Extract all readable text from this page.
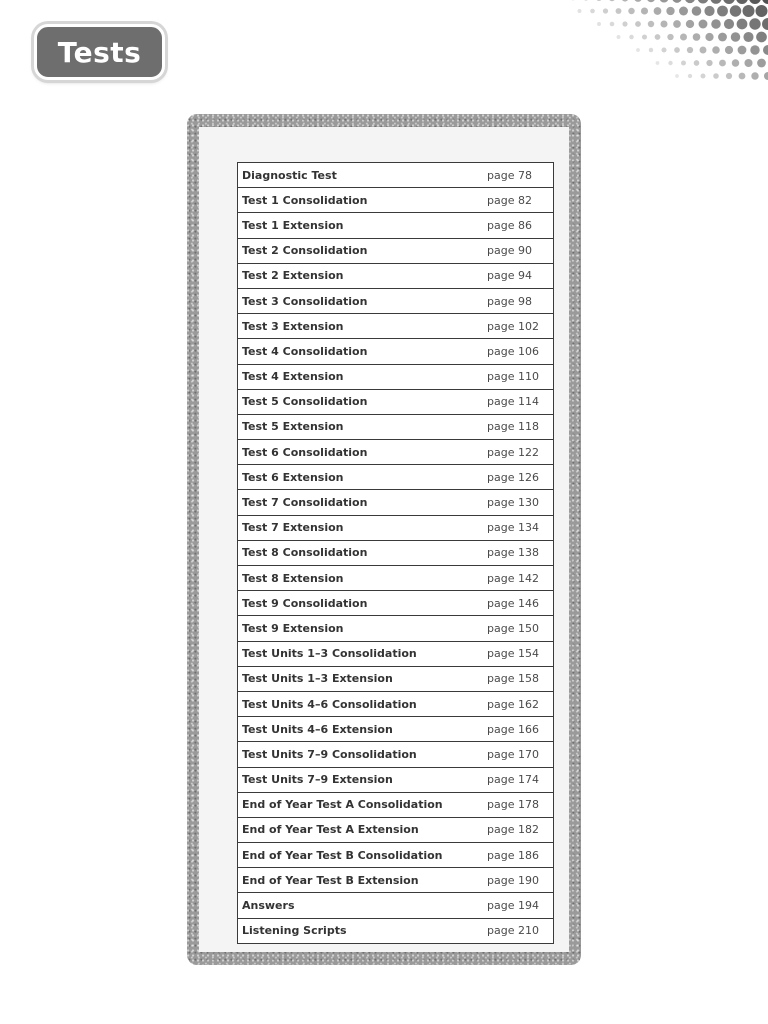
Tests
Diagnostic Test	page 78
Test 1 Consolidation	page 82
Test 1 Extension	page 86
Test 2 Consolidation	page 90
Test 2 Extension	page 94
Test 3 Consolidation	page 98
Test 3 Extension	page 102
Test 4 Consolidation	page 106
Test 4 Extension	page 110
Test 5 Consolidation	page 114
Test 5 Extension	page 118
Test 6 Consolidation	page 122
Test 6 Extension	page 126
Test 7 Consolidation	page 130
Test 7 Extension	page 134
Test 8 Consolidation	page 138
Test 8 Extension	page 142
Test 9 Consolidation	page 146
Test 9 Extension	page 150
Test Units 1–3 Consolidation	page 154
Test Units 1–3 Extension	page 158
Test Units 4–6 Consolidation	page 162
Test Units 4–6 Extension	page 166
Test Units 7–9 Consolidation	page 170
Test Units 7–9 Extension	page 174
End of Year Test A Consolidation	page 178
End of Year Test A Extension	page 182
End of Year Test B Consolidation	page 186
End of Year Test B Extension	page 190
Answers	page 194
Listening Scripts	page 210
